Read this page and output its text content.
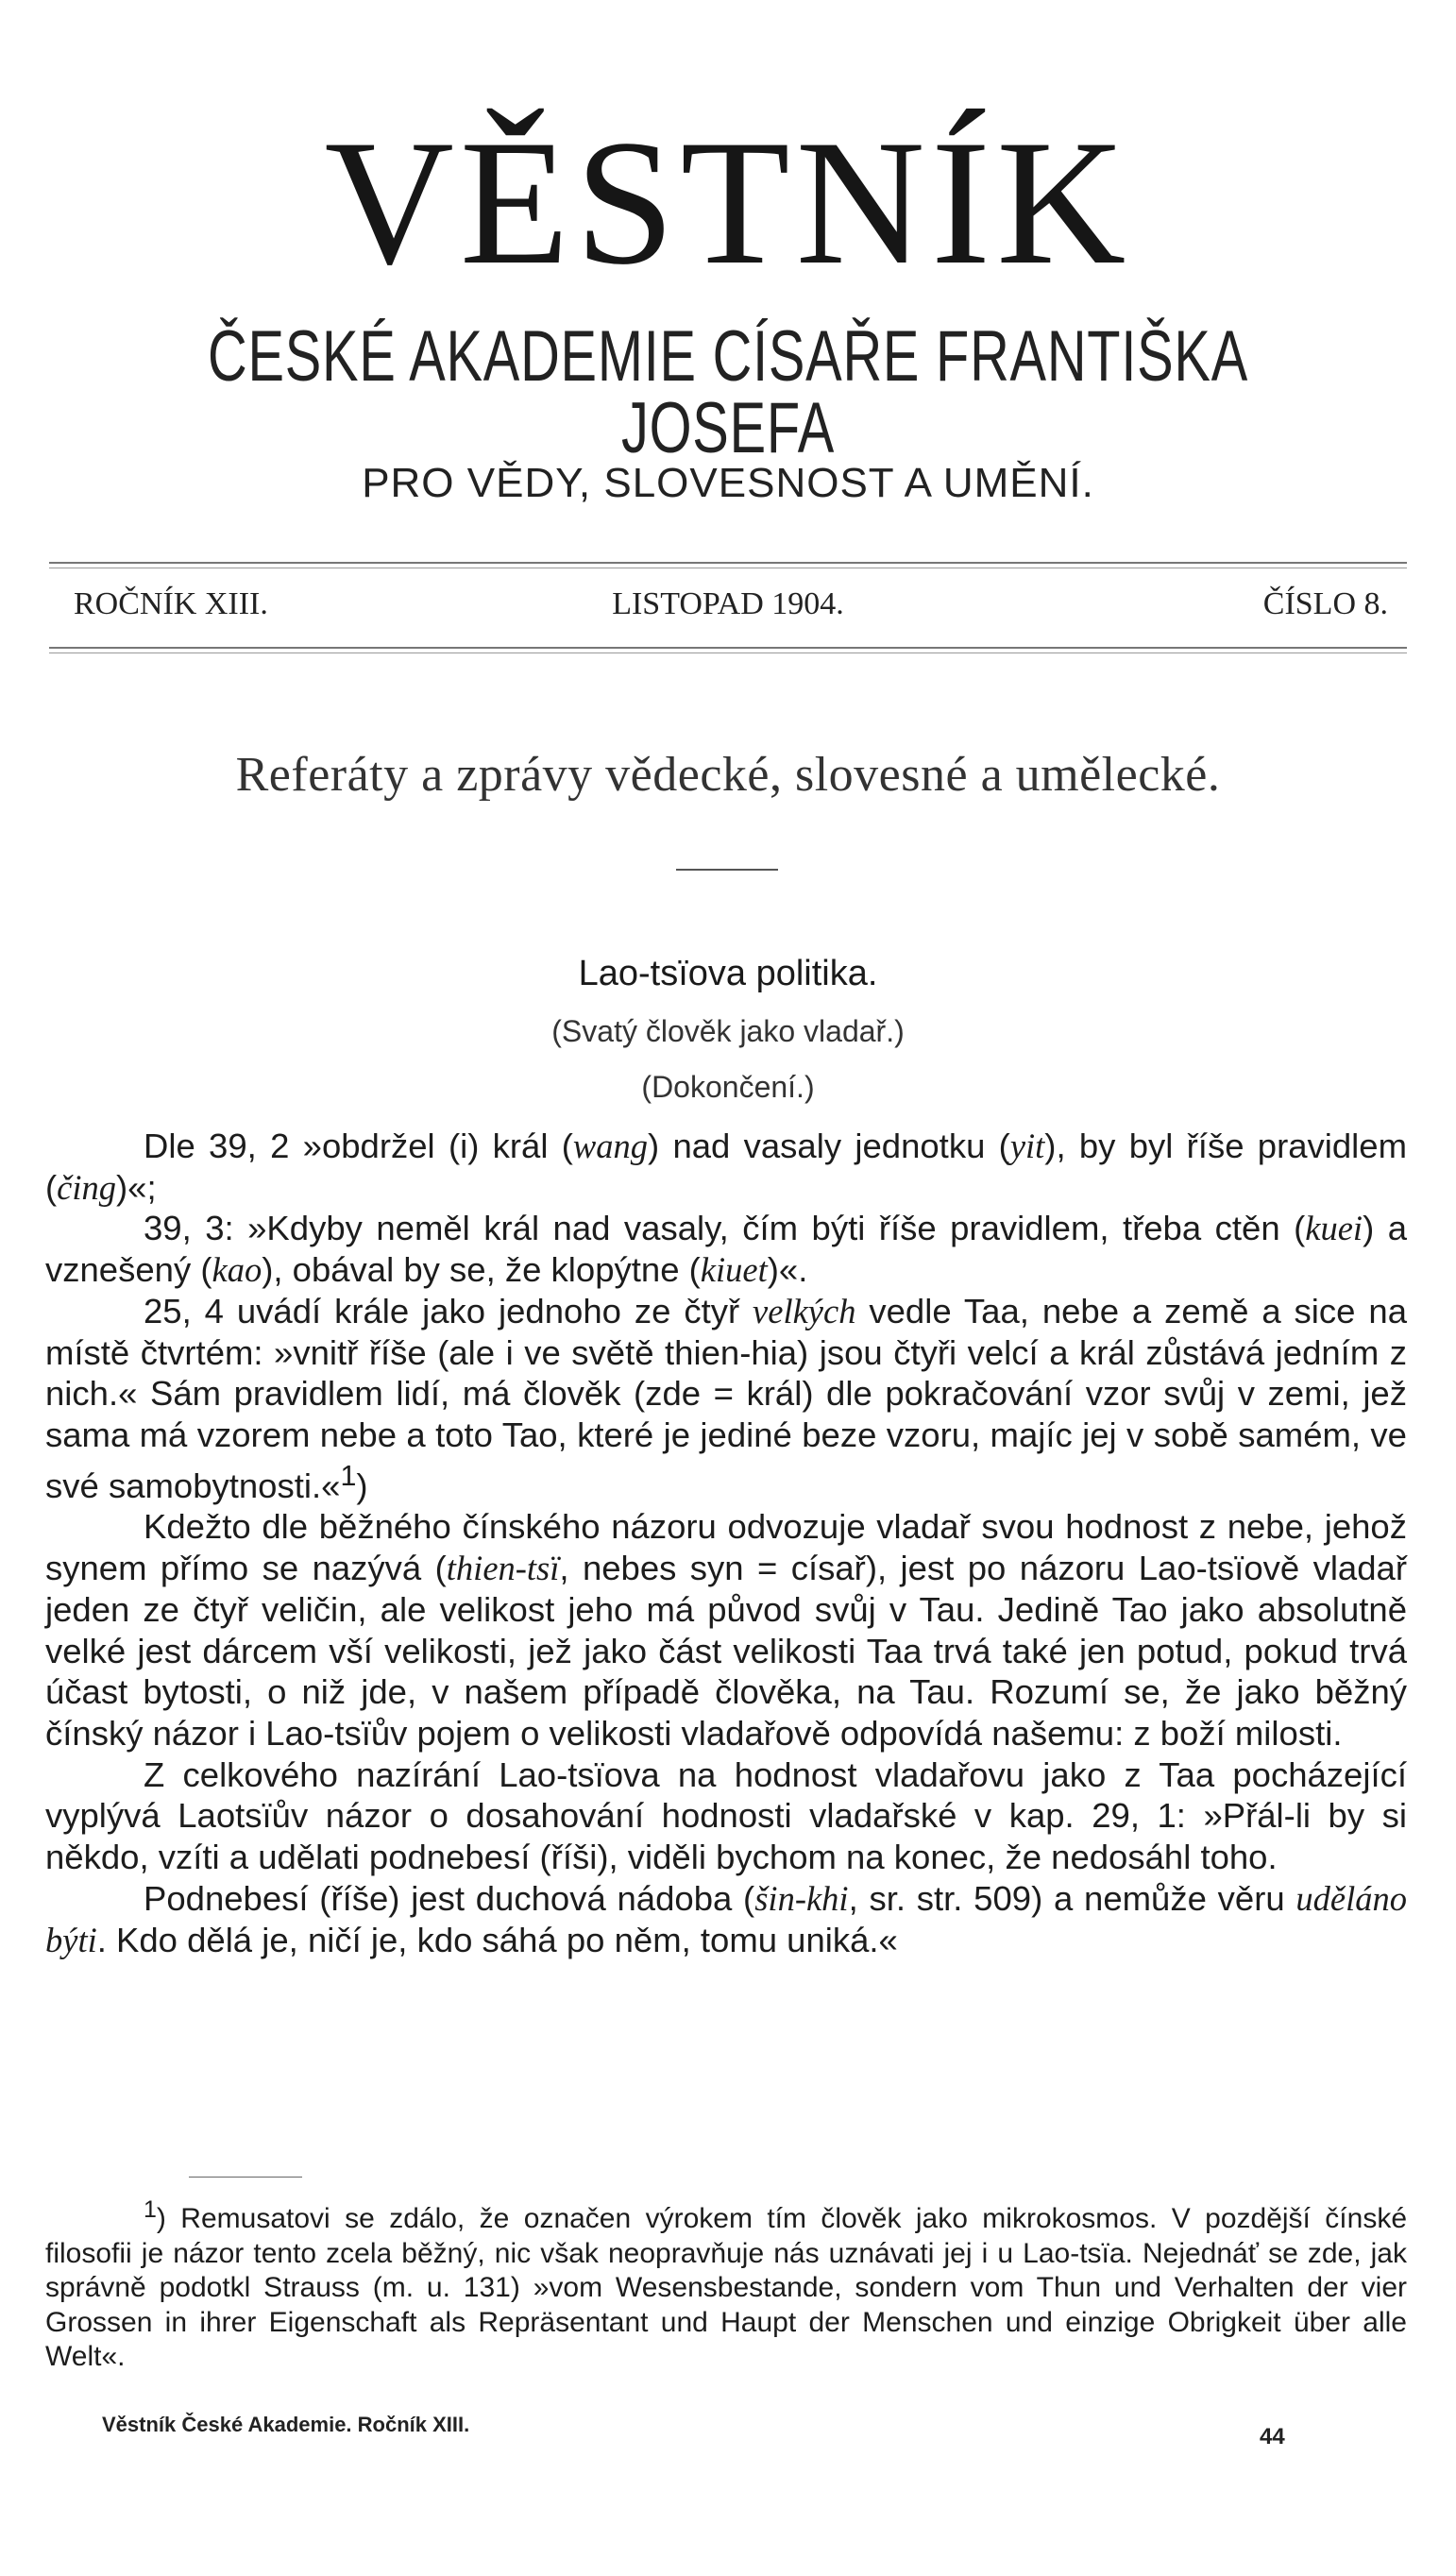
VĚSTNÍK
ČESKÉ AKADEMIE CÍSAŘE FRANTIŠKA JOSEFA
PRO VĚDY, SLOVESNOST A UMĚNÍ.
ROČNÍK XIII.	LISTOPAD 1904.	ČÍSLO 8.
Referáty a zprávy vědecké, slovesné a umělecké.
Lao-tsïova politika.
(Svatý člověk jako vladař.)
(Dokončení.)

Dle 39, 2 »obdržel (i) král (wang) nad vasaly jednotku (yit), by byl říše pravidlem (čing)«;

39, 3: »Kdyby neměl král nad vasaly, čím býti říše pravidlem, třeba ctěn (kuei) a vznešený (kao), obával by se, že klopýtne (kiuet)«.

25, 4 uvádí krále jako jednoho ze čtyř velkých vedle Taa, nebe a země a sice na místě čtvrtém: »vnitř říše (ale i ve světě thien-hia) jsou čtyři velcí a král zůstává jedním z nich.« Sám pravidlem lidí, má člověk (zde = král) dle pokračování vzor svůj v zemi, jež sama má vzorem nebe a toto Tao, které je jediné beze vzoru, majíc jej v sobě samém, ve své samobytnosti.«$^1$)

Kdežto dle běžného čínského názoru odvozuje vladař svou hodnost z nebe, jehož synem přímo se nazývá (thien-tsï, nebes syn = císař), jest po názoru Lao-tsïově vladař jeden ze čtyř veličin, ale velikost jeho má původ svůj v Tau. Jedině Tao jako absolutně velké jest dárcem vší velikosti, jež jako část velikosti Taa trvá také jen potud, pokud trvá účast bytosti, o niž jde, v našem případě člověka, na Tau. Rozumí se, že jako běžný čínský názor i Lao-tsïův pojem o velikosti vladařově odpovídá našemu: z boží milosti.

Z celkového nazírání Lao-tsïova na hodnost vladařovu jako z Taa pocházející vyplývá Laotsïův názor o dosahování hodnosti vladařské v kap. 29, 1: »Přál-li by si někdo, vzíti a udělati podnebesí (říši), viděli bychom na konec, že nedosáhl toho.

Podnebesí (říše) jest duchová nádoba (šin-khi, sr. str. 509) a nemůže věru uděláno býti. Kdo dělá je, ničí je, kdo sáhá po něm, tomu uniká.«

$^1$) Remusatovi se zdálo, že označen výrokem tím člověk jako mikrokosmos. V pozdější čínské filosofii je názor tento zcela běžný, nic však neopravňuje nás uznávati jej i u Lao-tsïa. Nejednáť se zde, jak správně podotkl Strauss (m. u. 131) »vom Wesensbestande, sondern vom Thun und Verhalten der vier Grossen in ihrer Eigenschaft als Repräsentant und Haupt der Menschen und einzige Obrigkeit über alle Welt«.

Věstník České Akademie. Ročník XIII.	44
